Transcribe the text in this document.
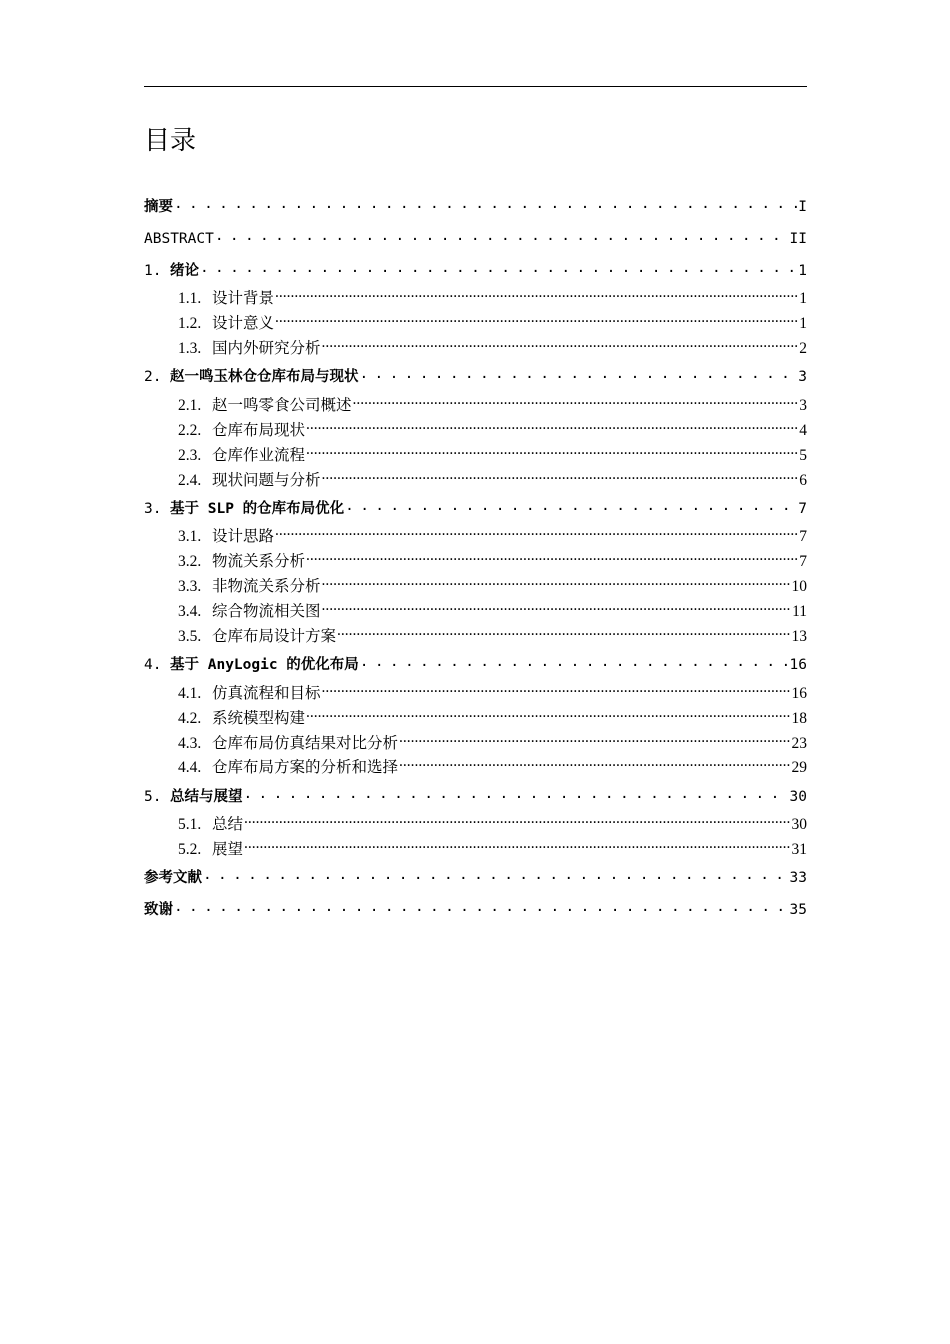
目录
摘要 . . .	I
ABSTRACT . . .	II
1. 绪论 . . .	1
1.1. 设计背景 .....	1
1.2. 设计意义 .....	1
1.3. 国内外研究分析 .....	2
2. 赵一鸣玉林仓仓库布局与现状 . . .	3
2.1. 赵一鸣零食公司概述 .....	3
2.2. 仓库布局现状 .....	4
2.3. 仓库作业流程 .....	5
2.4. 现状问题与分析 .....	6
3. 基于 SLP 的仓库布局优化 . . .	7
3.1. 设计思路 .....	7
3.2. 物流关系分析 .....	7
3.3. 非物流关系分析 .....	10
3.4. 综合物流相关图 .....	11
3.5. 仓库布局设计方案 .....	13
4. 基于 AnyLogic 的优化布局 . . .	16
4.1. 仿真流程和目标 .....	16
4.2. 系统模型构建 .....	18
4.3. 仓库布局仿真结果对比分析 .....	23
4.4. 仓库布局方案的分析和选择 .....	29
5. 总结与展望 . . .	30
5.1. 总结 .....	30
5.2. 展望 .....	31
参考文献 . . .	33
致谢 . . .	35
